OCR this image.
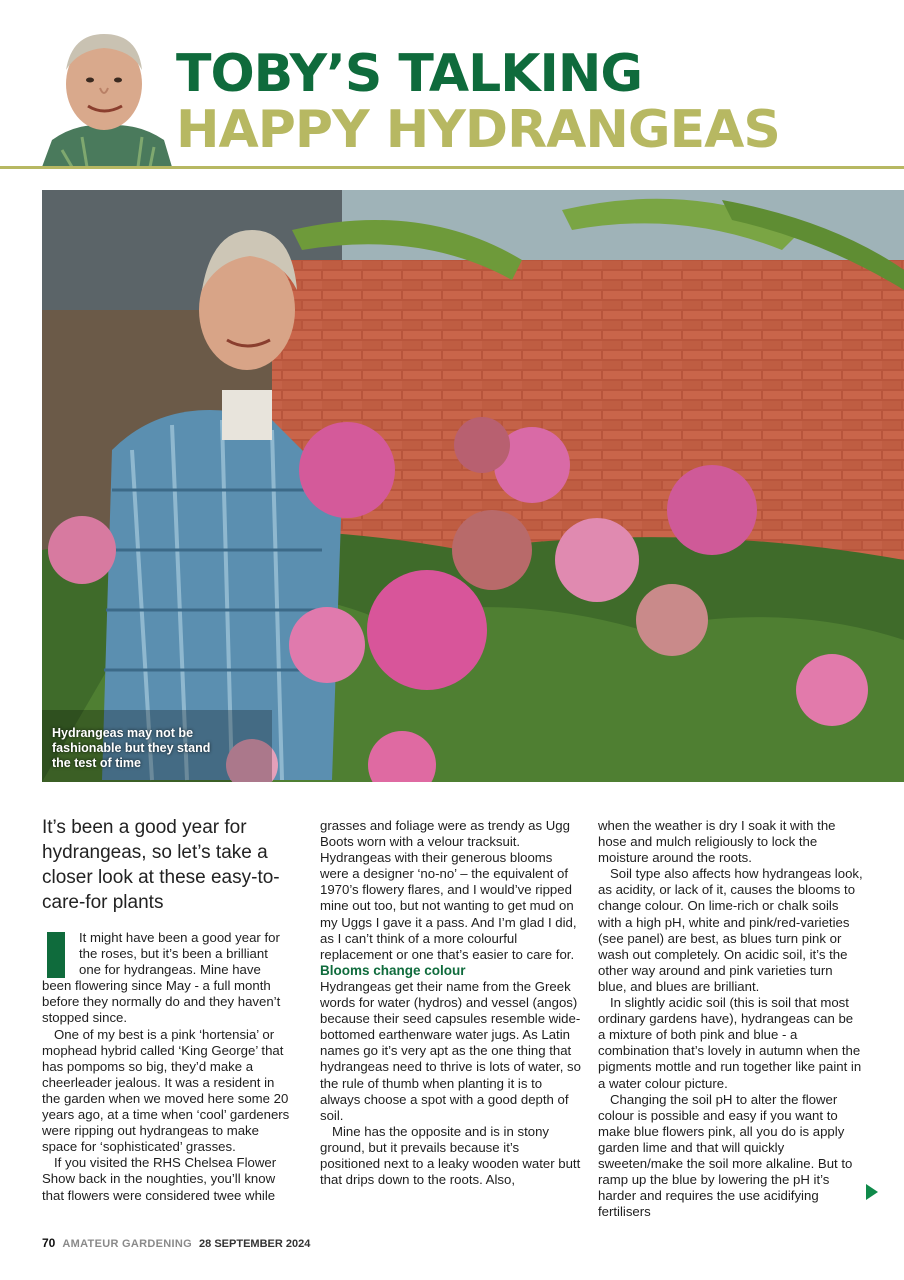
TOBY’S TALKING
HAPPY HYDRANGEAS
Hydrangeas may not be fashionable but they stand the test of time
It’s been a good year for hydrangeas, so let’s take a closer look at these easy-to-care-for plants

It might have been a good year for the roses, but it’s been a brilliant one for hydrangeas. Mine have been flowering since May - a full month before they normally do and they haven’t stopped since.

One of my best is a pink ‘hortensia’ or mophead hybrid called ‘King George’ that has pompoms so big, they’d make a cheerleader jealous. It was a resident in the garden when we moved here some 20 years ago, at a time when ‘cool’ gardeners were ripping out hydrangeas to make space for ‘sophisticated’ grasses.

If you visited the RHS Chelsea Flower Show back in the noughties, you’ll know that flowers were considered twee while

grasses and foliage were as trendy as Ugg Boots worn with a velour tracksuit. Hydrangeas with their generous blooms were a designer ‘no-no’ – the equivalent of 1970’s flowery flares, and I would’ve ripped mine out too, but not wanting to get mud on my Uggs I gave it a pass. And I’m glad I did, as I can’t think of a more colourful replacement or one that’s easier to care for.

Blooms change colour

Hydrangeas get their name from the Greek words for water (hydros) and vessel (angos) because their seed capsules resemble wide-bottomed earthenware water jugs. As Latin names go it’s very apt as the one thing that hydrangeas need to thrive is lots of water, so the rule of thumb when planting it is to always choose a spot with a good depth of soil.

Mine has the opposite and is in stony ground, but it prevails because it’s positioned next to a leaky wooden water butt that drips down to the roots. Also,

when the weather is dry I soak it with the hose and mulch religiously to lock the moisture around the roots.

Soil type also affects how hydrangeas look, as acidity, or lack of it, causes the blooms to change colour. On lime-rich or chalk soils with a high pH, white and pink/red-varieties (see panel) are best, as blues turn pink or wash out completely. On acidic soil, it’s the other way around and pink varieties turn blue, and blues are brilliant.

In slightly acidic soil (this is soil that most ordinary gardens have), hydrangeas can be a mixture of both pink and blue - a combination that’s lovely in autumn when the pigments mottle and run together like paint in a water colour picture.

Changing the soil pH to alter the flower colour is possible and easy if you want to make blue flowers pink, all you do is apply garden lime and that will quickly sweeten/make the soil more alkaline. But to ramp up the blue by lowering the pH it’s harder and requires the use acidifying fertilisers

70 AMATEUR GARDENING 28 SEPTEMBER 2024
